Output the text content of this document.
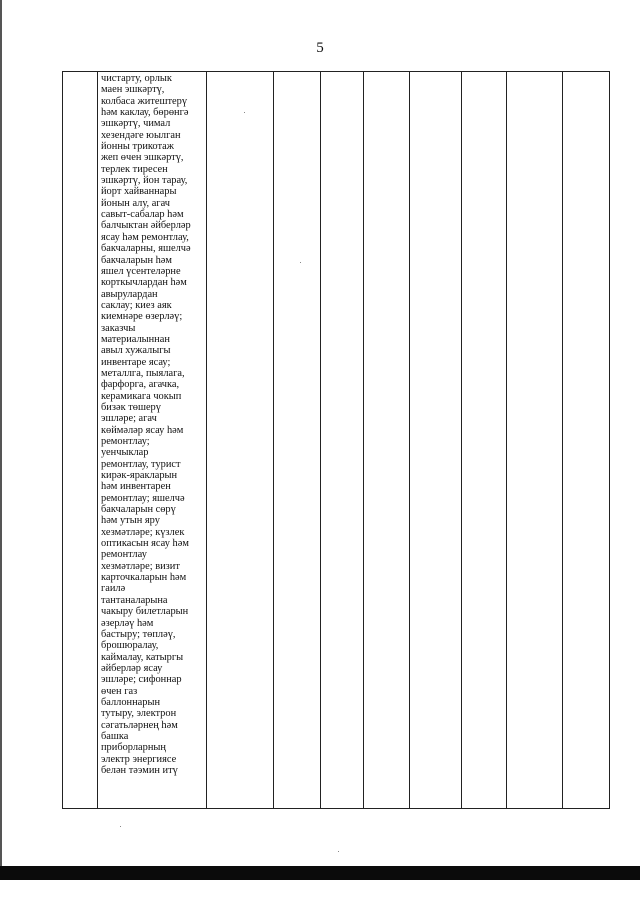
5

чистарту, орлык
маен эшкәртү,
колбаса житештерү
һәм каклау, бөрөнгә
эшкәртү, чимал
хезендәге юылган
йонны трикотаж
жеп өчен эшкәртү,
терлек тиресен
эшкәртү, йон тарау,
йорт хайваннары
йонын алу, агач
савыт-сабалар һәм
балчыктан әйберләр
ясау һәм ремонтлау,
бакчаларны, яшелчә
бакчаларын һәм
яшел үсентеләрне
корткычлардан һәм
авырулардан
саклау; киез аяк
киемнәре өзерләү;
заказчы
материалыннан
авыл хужалыгы
инвентаре ясау;
металлга, пыялага,
фарфорга, агачка,
керамикага чокып
бизәк төшерү
эшләре; агач
көймәләр ясау һәм
ремонтлау;
уенчыклар
ремонтлау, турист
кирәк-яракларын
һәм инвентарен
ремонтлау; яшелчә
бакчаларын сөрү
һәм утын яру
хезмәтләре; күзлек
оптикасын ясау һәм
ремонтлау
хезмәтләре; визит
карточкаларын һәм
гаилә
тантаналарына
чакыру билетларын
әзерләү һәм
бастыру; төпләү,
брошюралау,
каймалау, катыргы
әйберләр ясау
эшләре; сифоннар
өчен газ
баллоннарын
тутыру, электрон
сәгатьләрнең һәм
башка
приборларның
электр энергиясе
белән тәэмин итү
